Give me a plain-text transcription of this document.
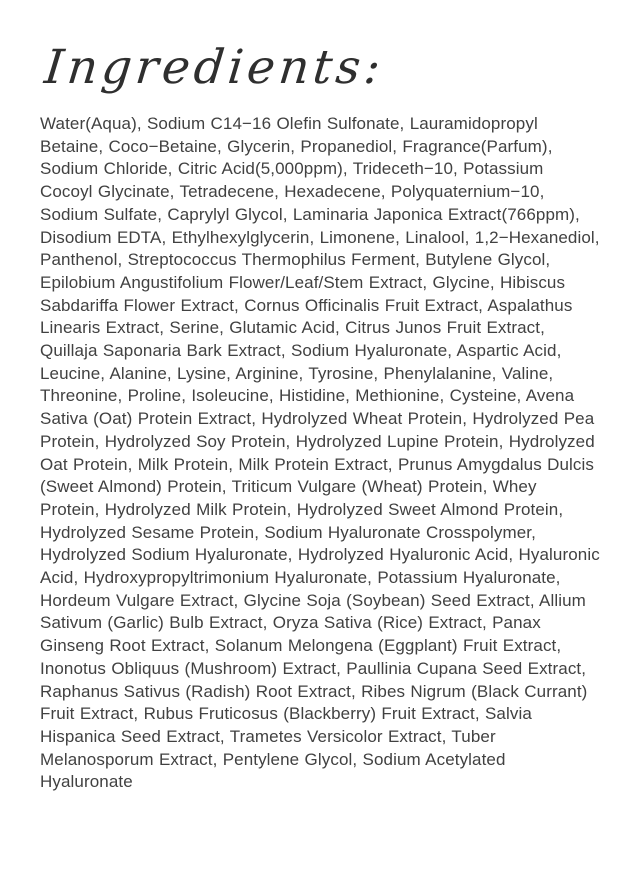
Ingredients:

Water(Aqua), Sodium C14−16 Olefin Sulfonate, Lauramidopropyl Betaine, Coco−Betaine, Glycerin, Propanediol, Fragrance(Parfum), Sodium Chloride, Citric Acid(5,000ppm), Trideceth−10, Potassium Cocoyl Glycinate, Tetradecene, Hexadecene, Polyquaternium−10, Sodium Sulfate, Caprylyl Glycol, Laminaria Japonica Extract(766ppm), Disodium EDTA, Ethylhexylglycerin, Limonene, Linalool, 1,2−Hexanediol, Panthenol, Streptococcus Thermophilus Ferment, Butylene Glycol, Epilobium Angustifolium Flower/Leaf/Stem Extract, Glycine, Hibiscus Sabdariffa Flower Extract, Cornus Officinalis Fruit Extract, Aspalathus Linearis Extract, Serine, Glutamic Acid, Citrus Junos Fruit Extract, Quillaja Saponaria Bark Extract, Sodium Hyaluronate, Aspartic Acid, Leucine, Alanine, Lysine, Arginine, Tyrosine, Phenylalanine, Valine, Threonine, Proline, Isoleucine, Histidine, Methionine, Cysteine, Avena Sativa (Oat) Protein Extract, Hydrolyzed Wheat Protein, Hydrolyzed Pea Protein, Hydrolyzed Soy Protein, Hydrolyzed Lupine Protein, Hydrolyzed Oat Protein, Milk Protein, Milk Protein Extract, Prunus Amygdalus Dulcis (Sweet Almond) Protein, Triticum Vulgare (Wheat) Protein, Whey Protein, Hydrolyzed Milk Protein, Hydrolyzed Sweet Almond Protein, Hydrolyzed Sesame Protein, Sodium Hyaluronate Crosspolymer, Hydrolyzed Sodium Hyaluronate, Hydrolyzed Hyaluronic Acid, Hyaluronic Acid, Hydroxypropyltrimonium Hyaluronate, Potassium Hyaluronate, Hordeum Vulgare Extract, Glycine Soja (Soybean) Seed Extract, Allium Sativum (Garlic) Bulb Extract, Oryza Sativa (Rice) Extract, Panax Ginseng Root Extract, Solanum Melongena (Eggplant) Fruit Extract, Inonotus Obliquus (Mushroom) Extract, Paullinia Cupana Seed Extract, Raphanus Sativus (Radish) Root Extract, Ribes Nigrum (Black Currant) Fruit Extract, Rubus Fruticosus (Blackberry) Fruit Extract, Salvia Hispanica Seed Extract, Trametes Versicolor Extract, Tuber Melanosporum Extract, Pentylene Glycol, Sodium Acetylated Hyaluronate
